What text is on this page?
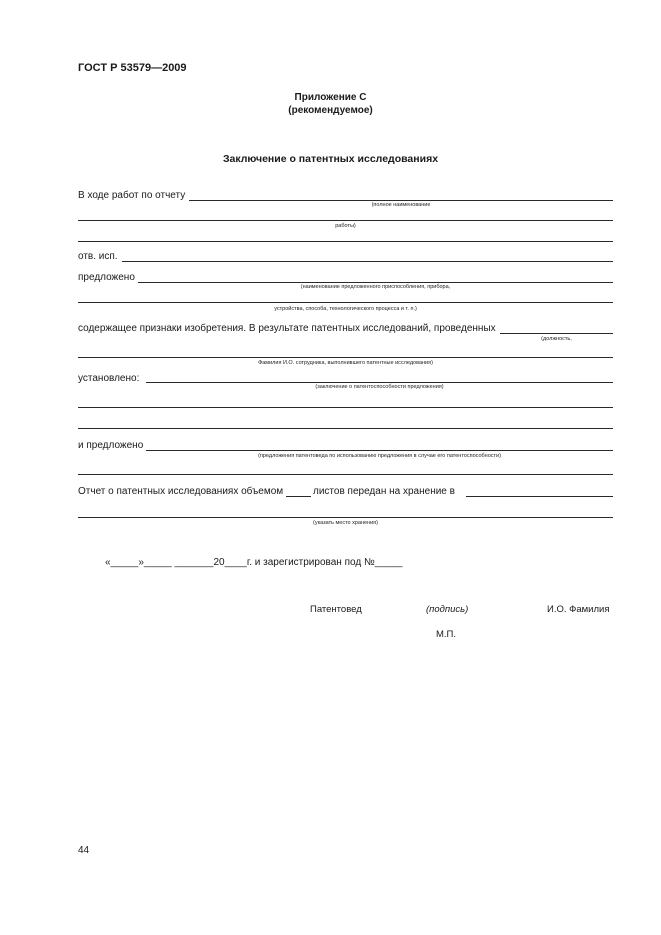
ГОСТ Р 53579—2009
Приложение С
(рекомендуемое)
Заключение о патентных исследованиях
В ходе работ по отчету
(полное наименование
работы)
отв. исп.
предложено
(наименование предложенного приспособления, прибора,
устройства, способа, технологического процесса и т. п.)
содержащее признаки изобретения. В результате патентных исследований, проведенных
(должность,
Фамилия И.О. сотрудника, выполнившего патентные исследования)
установлено:
(заключение о патентоспособности предложения)
и предложено
(предложения патентоведа по использованию предложения в случае его патентоспособности)
Отчет о патентных исследованиях объемом	листов передан на хранение в
(указать место хранения)
«_____»_____ _______20____г. и зарегистрирован под №_____
Патентовед	(подпись)	И.О. Фамилия
М.П.
44
